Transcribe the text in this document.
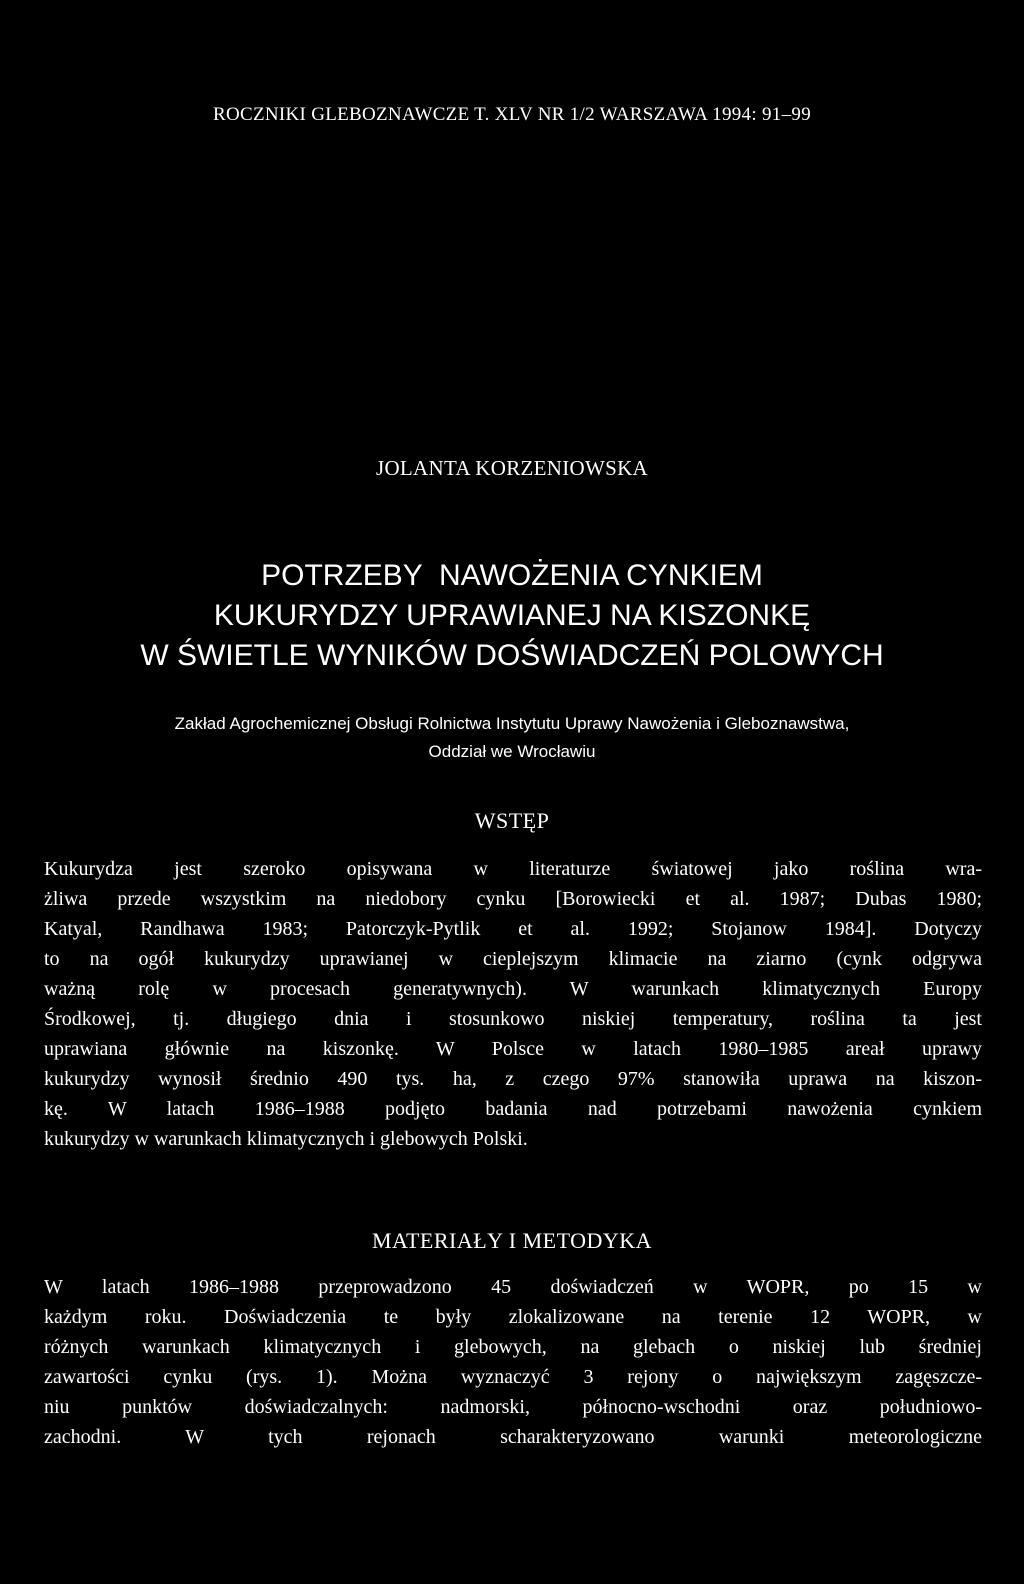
ROCZNIKI GLEBOZNAWCZE T. XLV NR 1/2 WARSZAWA 1994: 91–99
JOLANTA KORZENIOWSKA
POTRZEBY  NAWOŻENIA CYNKIEM
KUKURYDZY UPRAWIANEJ NA KISZONKĘ
W ŚWIETLE WYNIKÓW DOŚWIADCZEŃ POLOWYCH
Zakład Agrochemicznej Obsługi Rolnictwa Instytutu Uprawy Nawożenia i Gleboznawstwa,
Oddział we Wrocławiu
WSTĘP
Kukurydza jest szeroko opisywana w literaturze światowej jako roślina wra-
żliwa przede wszystkim na niedobory cynku [Borowiecki et al. 1987; Dubas 1980;
Katyal, Randhawa 1983; Patorczyk-Pytlik et al. 1992; Stojanow 1984]. Dotyczy
to na ogół kukurydzy uprawianej w cieplejszym klimacie na ziarno (cynk odgrywa
ważną rolę w procesach generatywnych). W warunkach klimatycznych Europy
Środkowej, tj. długiego dnia i stosunkowo niskiej temperatury, roślina ta jest
uprawiana głównie na kiszonkę. W Polsce w latach 1980–1985 areał uprawy
kukurydzy wynosił średnio 490 tys. ha, z czego 97% stanowiła uprawa na kiszon-
kę. W latach 1986–1988 podjęto badania nad potrzebami nawożenia cynkiem
kukurydzy w warunkach klimatycznych i glebowych Polski.
MATERIAŁY I METODYKA
W latach 1986–1988 przeprowadzono 45 doświadczeń w WOPR, po 15 w
każdym roku. Doświadczenia te były zlokalizowane na terenie 12 WOPR, w
różnych warunkach klimatycznych i glebowych, na glebach o niskiej lub średniej
zawartości cynku (rys. 1). Można wyznaczyć 3 rejony o największym zagęszcze-
niu punktów doświadczalnych: nadmorski, północno-wschodni oraz południowo-
zachodni. W tych rejonach scharakteryzowano warunki meteorologiczne
